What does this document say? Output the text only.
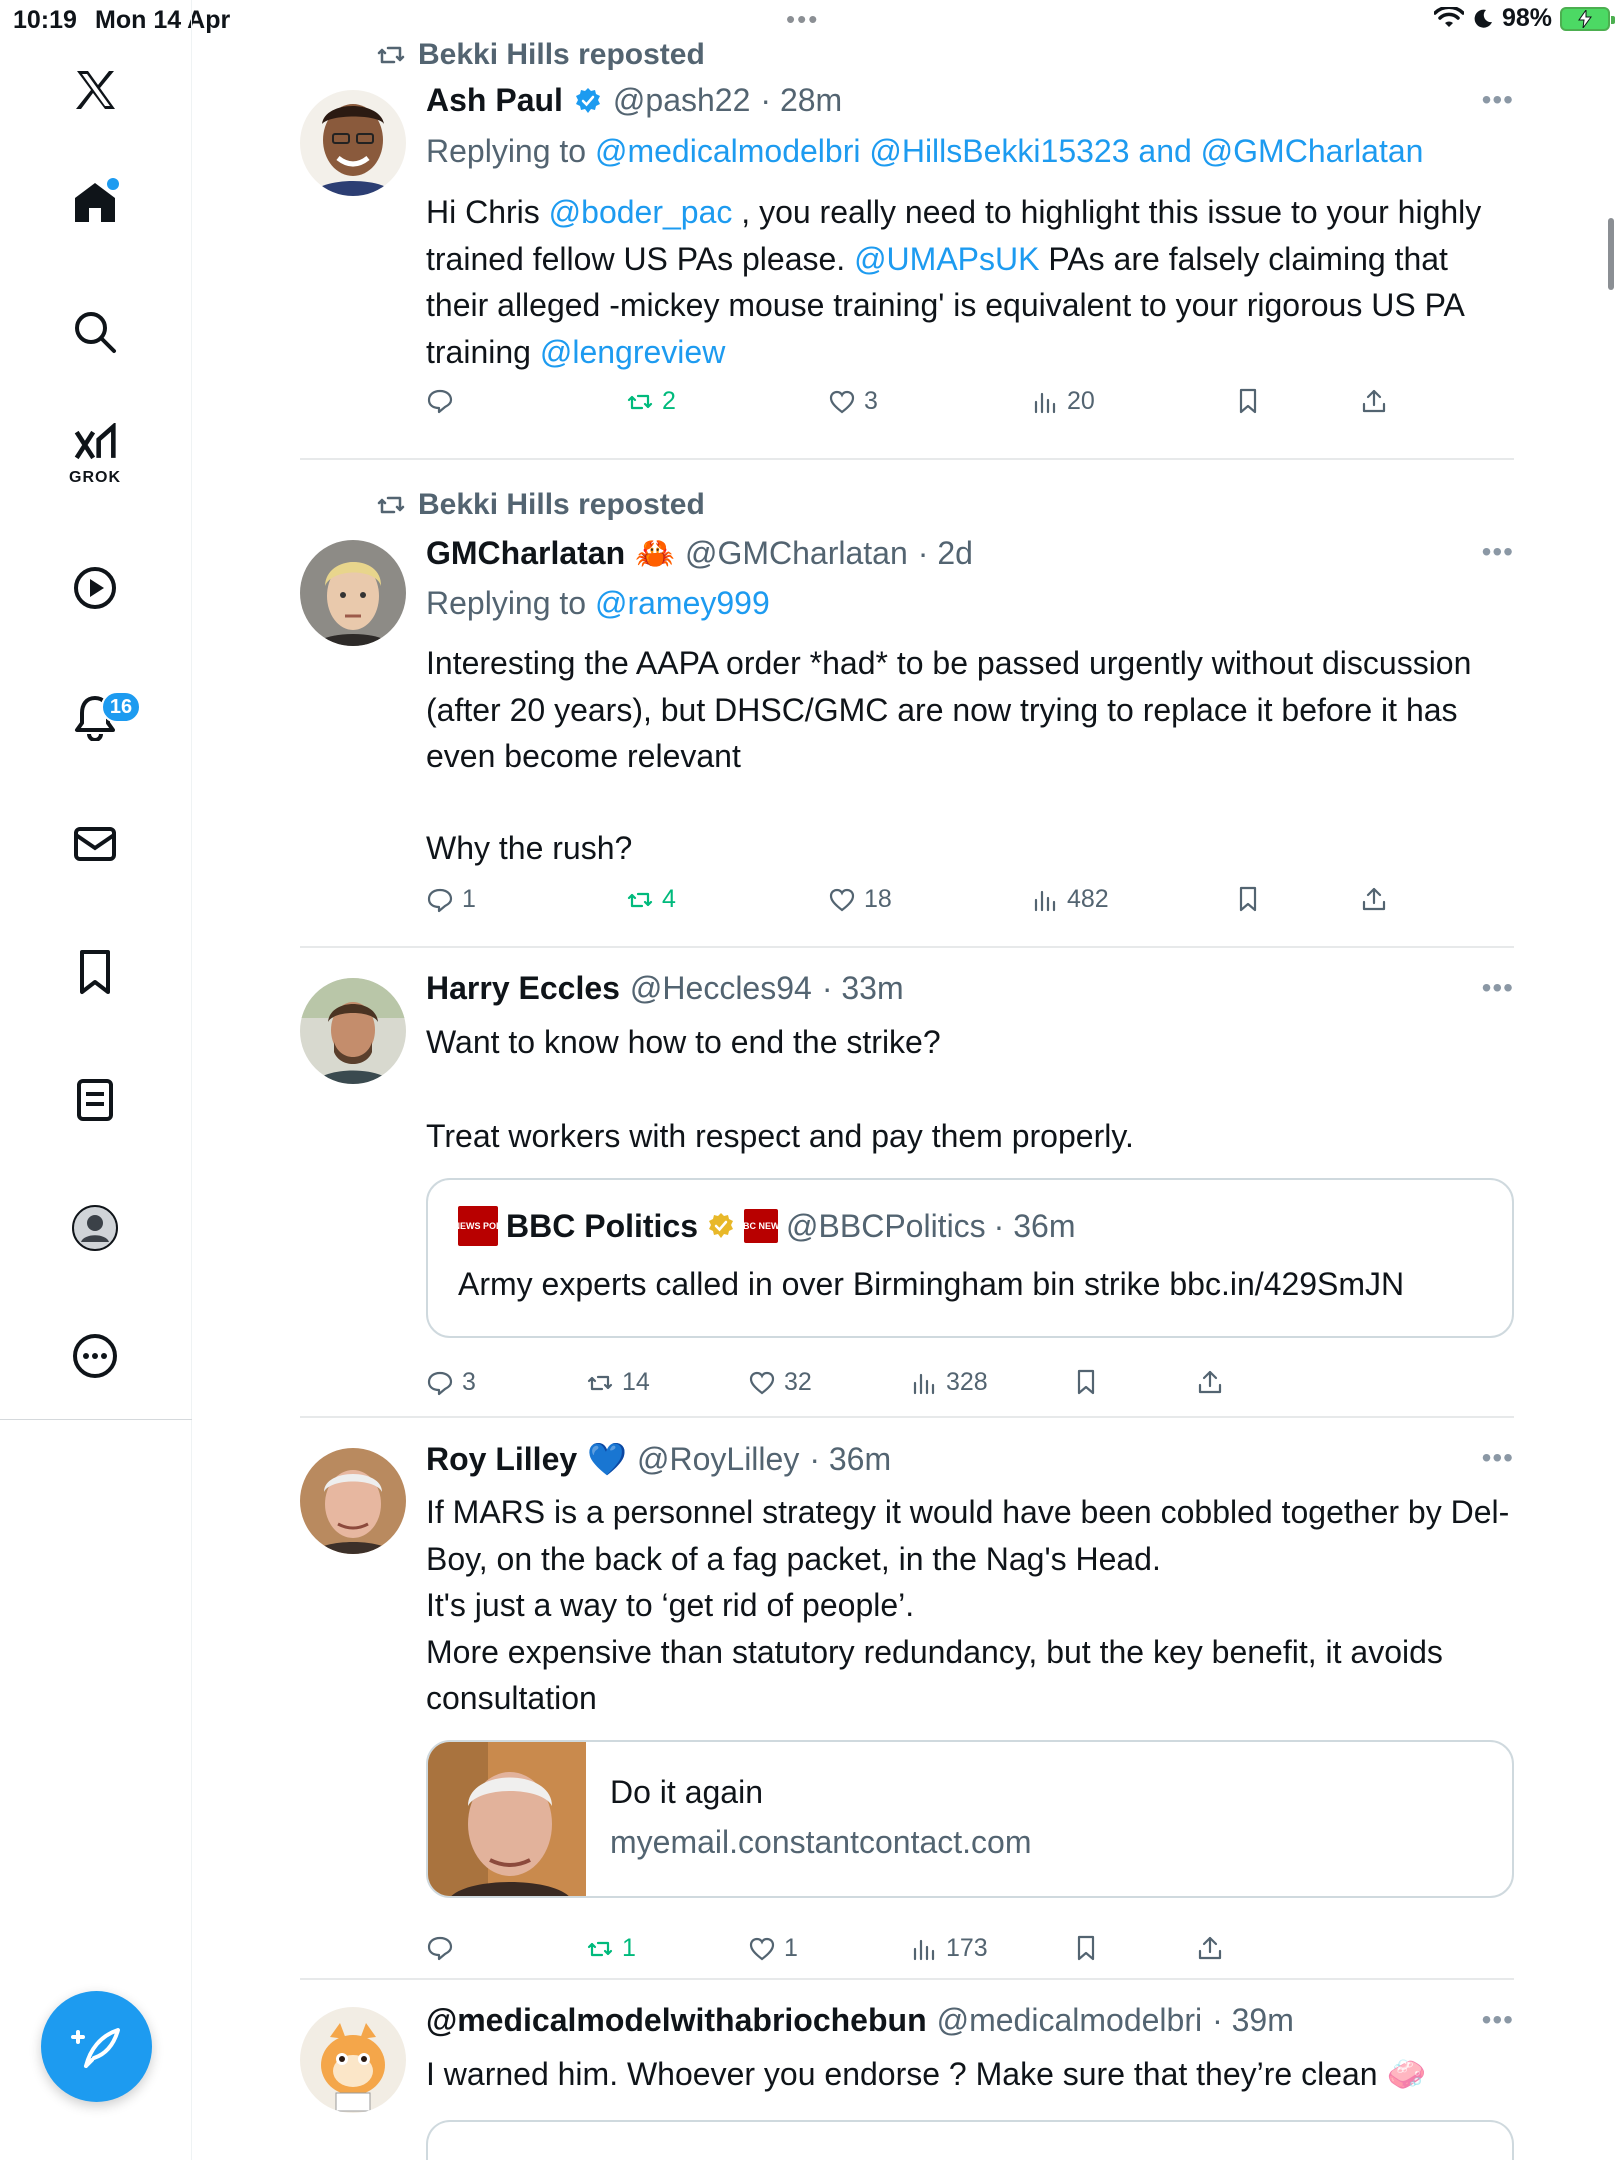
10:19 Mon 14 Apr	•••	98%
GROK
16
Bekki Hills reposted
Ash Paul @pash22 · 28m	•••
Replying to @medicalmodelbri @HillsBekki15323 and @GMCharlatan
Hi Chris @boder_pac , you really need to highlight this issue to your highly trained fellow US PAs please. @UMAPsUK PAs are falsely claiming that their alleged -mickey mouse training' is equivalent to your rigorous US PA training @lengreview
2	3	20
Bekki Hills reposted
GMCharlatan 🦀 @GMCharlatan · 2d	•••
Replying to @ramey999
Interesting the AAPA order *had* to be passed urgently without discussion (after 20 years), but DHSC/GMC are now trying to replace it before it has even become relevant
Why the rush?
1	4	18	482
Harry Eccles @Heccles94 · 33m	•••
Want to know how to end the strike?
Treat workers with respect and pay them properly.
BBC NEWS POLITICS
BBC Politics	BBC NEWS @BBCPolitics · 36m
Army experts called in over Birmingham bin strike bbc.in/429SmJN
3	14	32	328
Roy Lilley 💙 @RoyLilley · 36m	•••
If MARS is a personnel strategy it would have been cobbled together by Del-Boy, on the back of a fag packet, in the Nag's Head.
It's just a way to ‘get rid of people’.
More expensive than statutory redundancy, but the key benefit, it avoids consultation
Do it again
myemail.constantcontact.com
1	1	173
@medicalmodelwithabriochebun @medicalmodelbri · 39m	•••
I warned him. Whoever you endorse ? Make sure that they’re clean 🧼
